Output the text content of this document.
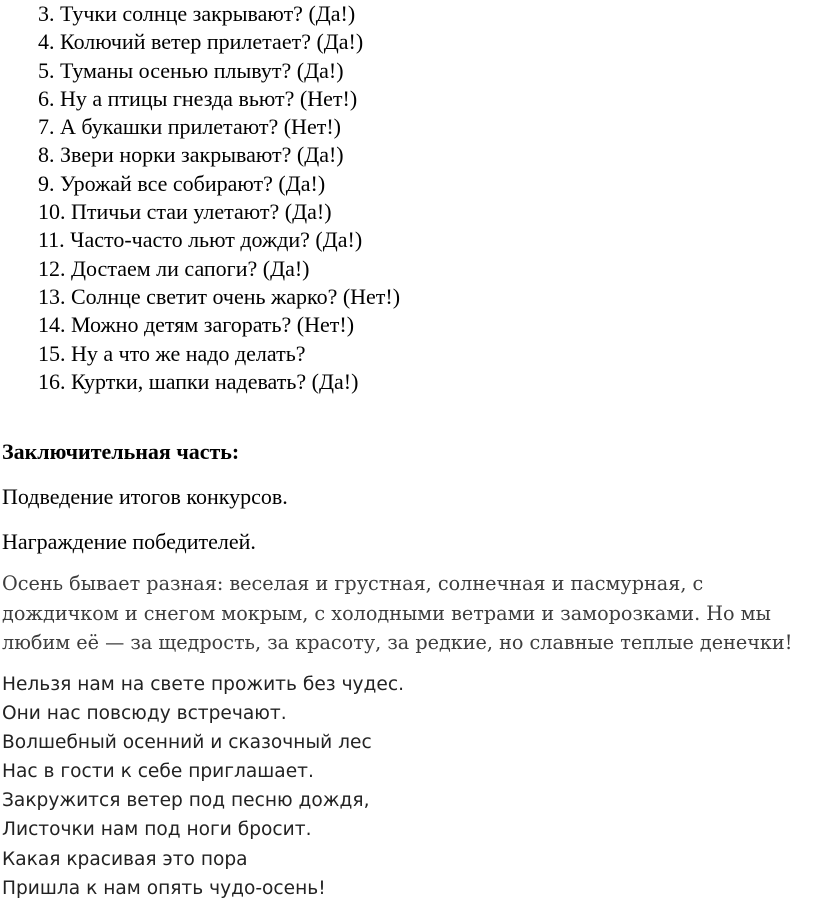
3. Тучки солнце закрывают? (Да!)
4. Колючий ветер прилетает? (Да!)
5. Туманы осенью плывут? (Да!)
6. Ну а птицы гнезда вьют? (Нет!)
7. А букашки прилетают? (Нет!)
8. Звери норки закрывают? (Да!)
9. Урожай все собирают? (Да!)
10. Птичьи стаи улетают? (Да!)
11. Часто-часто льют дожди? (Да!)
12. Достаем ли сапоги? (Да!)
13. Солнце светит очень жарко? (Нет!)
14. Можно детям загорать? (Нет!)
15. Ну а что же надо делать?
16. Куртки, шапки надевать? (Да!)

Заключительная часть:

Подведение итогов конкурсов.

Награждение победителей.

Осень бывает разная: веселая и грустная, солнечная и пасмурная, с дождичком и снегом мокрым, с холодными ветрами и заморозками. Но мы любим её — за щедрость, за красоту, за редкие, но славные теплые денечки!

Нельзя нам на свете прожить без чудес.
Они нас повсюду встречают.
Волшебный осенний и сказочный лес
Нас в гости к себе приглашает.
Закружится ветер под песню дождя,
Листочки нам под ноги бросит.
Какая красивая это пора
Пришла к нам опять чудо-осень!
